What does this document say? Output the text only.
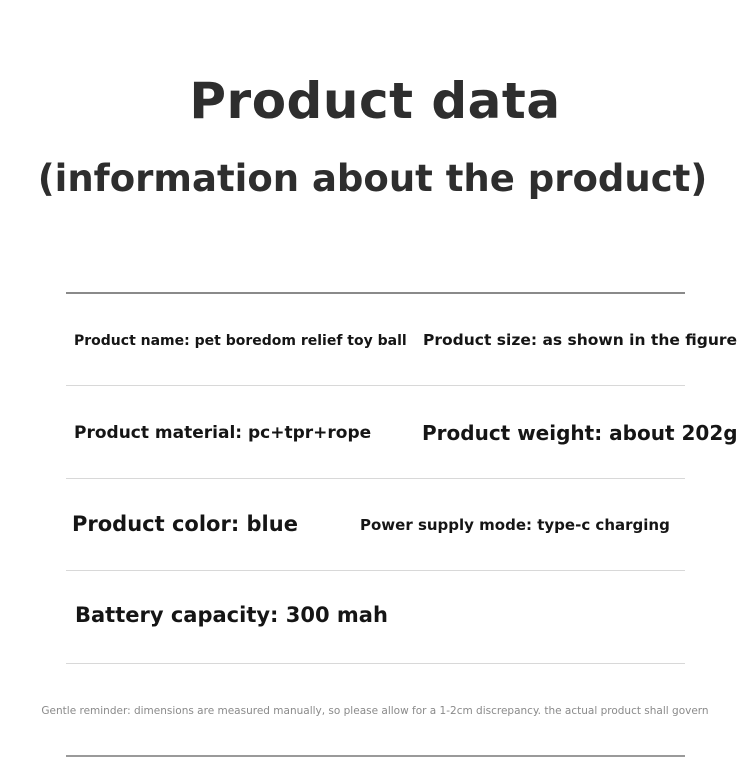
Product data
(information about the product)
Product name: pet boredom relief toy ball Product size: as shown in the figure
Product material: pc+tpr+rope	Product weight: about 202g
Product color: blue	Power supply mode: type-c charging
Battery capacity: 300 mah
Gentle reminder: dimensions are measured manually, so please allow for a 1-2cm discrepancy. the actual product shall govern
